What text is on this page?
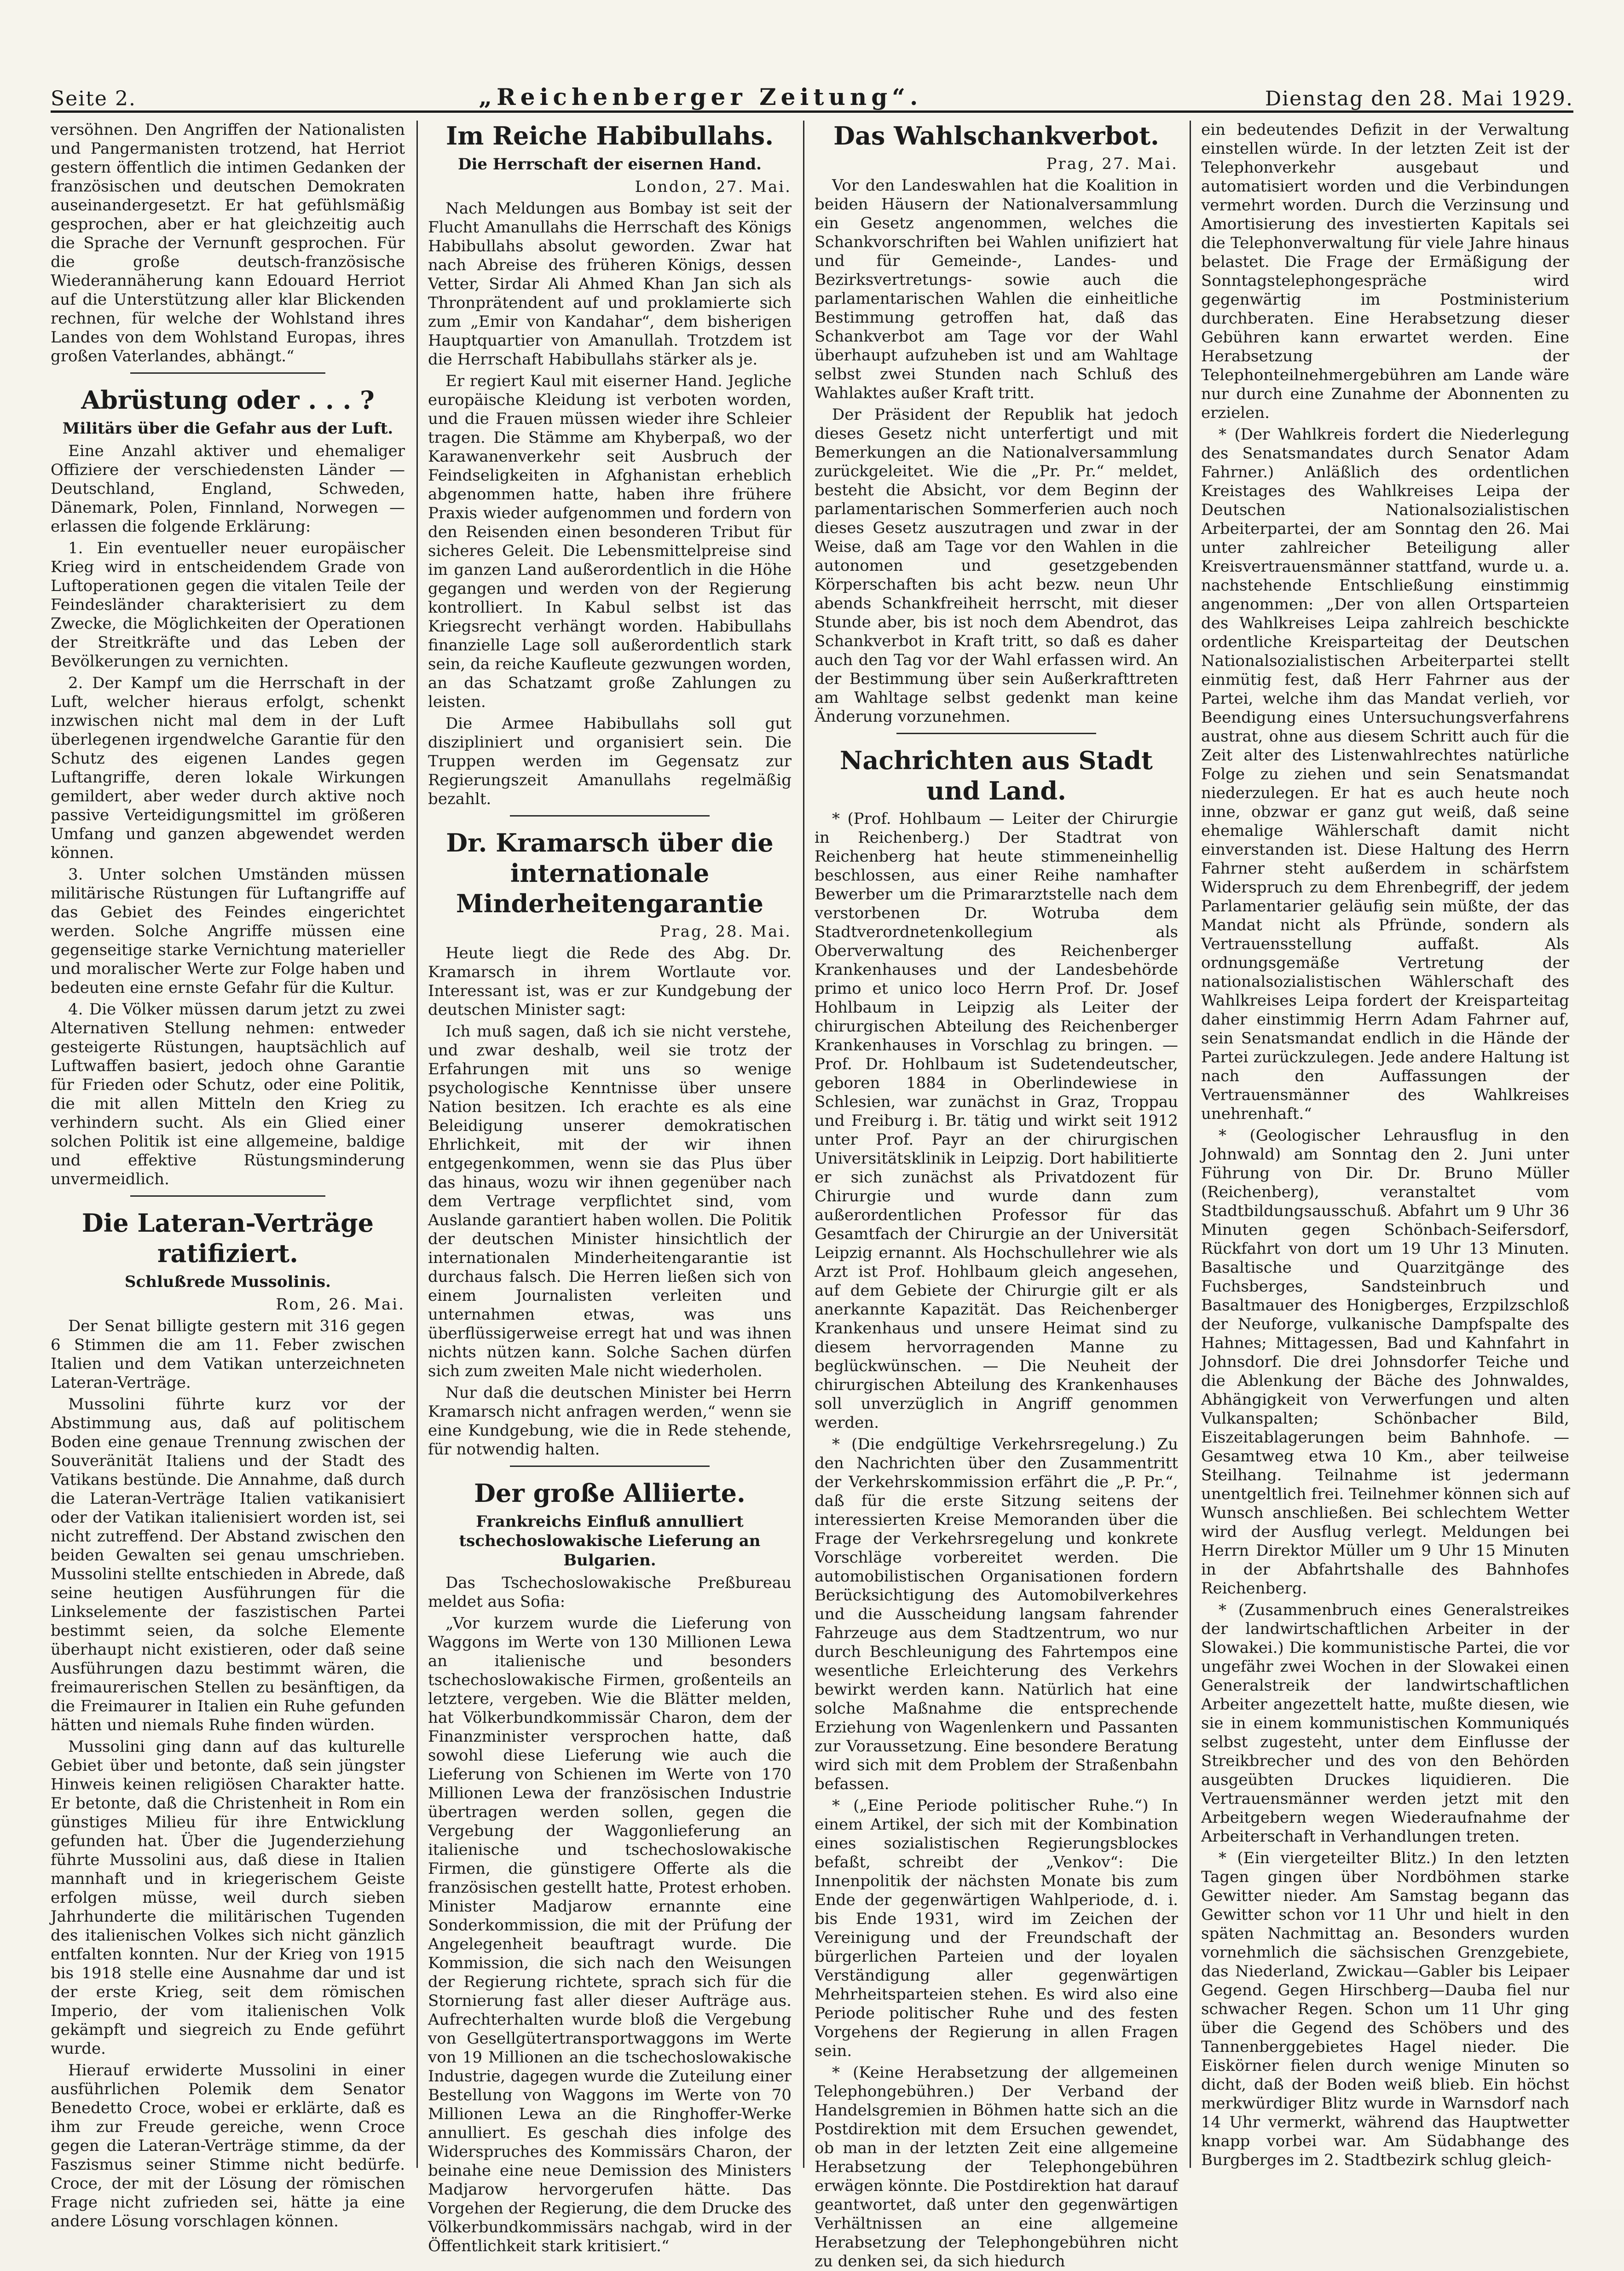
Seite 2.	„Reichenberger Zeitung“.	Dienstag den 28. Mai 1929.

versöhnen. Den Angriffen der Nationalisten und Pangermanisten trotzend, hat Herriot gestern öffentlich die intimen Gedanken der französischen und deutschen Demokraten auseinandergesetzt. Er hat gefühlsmäßig gesprochen, aber er hat gleichzeitig auch die Sprache der Vernunft gesprochen. Für die große deutsch-französische Wiederannäherung kann Edouard Herriot auf die Unterstützung aller klar Blickenden rechnen, für welche der Wohlstand ihres Landes von dem Wohlstand Europas, ihres großen Vaterlandes, abhängt.“

Abrüstung oder . . . ?
Militärs über die Gefahr aus der Luft.

Eine Anzahl aktiver und ehemaliger Offiziere der verschiedensten Länder — Deutschland, England, Schweden, Dänemark, Polen, Finnland, Norwegen — erlassen die folgende Erklärung:

1. Ein eventueller neuer europäischer Krieg wird in entscheidendem Grade von Luftoperationen gegen die vitalen Teile der Feindesländer charakterisiert zu dem Zwecke, die Möglichkeiten der Operationen der Streitkräfte und das Leben der Bevölkerungen zu vernichten.

2. Der Kampf um die Herrschaft in der Luft, welcher hieraus erfolgt, schenkt inzwischen nicht mal dem in der Luft überlegenen irgendwelche Garantie für den Schutz des eigenen Landes gegen Luftangriffe, deren lokale Wirkungen gemildert, aber weder durch aktive noch passive Verteidigungsmittel im größeren Umfang und ganzen abgewendet werden können.

3. Unter solchen Umständen müssen militärische Rüstungen für Luftangriffe auf das Gebiet des Feindes eingerichtet werden. Solche Angriffe müssen eine gegenseitige starke Vernichtung materieller und moralischer Werte zur Folge haben und bedeuten eine ernste Gefahr für die Kultur.

4. Die Völker müssen darum jetzt zu zwei Alternativen Stellung nehmen: entweder gesteigerte Rüstungen, hauptsächlich auf Luftwaffen basiert, jedoch ohne Garantie für Frieden oder Schutz, oder eine Politik, die mit allen Mitteln den Krieg zu verhindern sucht. Als ein Glied einer solchen Politik ist eine allgemeine, baldige und effektive Rüstungsminderung unvermeidlich.

Die Lateran-Verträge ratifiziert.
Schlußrede Mussolinis.
Rom, 26. Mai.

Der Senat billigte gestern mit 316 gegen 6 Stimmen die am 11. Feber zwischen Italien und dem Vatikan unterzeichneten Lateran-Verträge.

Mussolini führte kurz vor der Abstimmung aus, daß auf politischem Boden eine genaue Trennung zwischen der Souveränität Italiens und der Stadt des Vatikans bestünde. Die Annahme, daß durch die Lateran-Verträge Italien vatikanisiert oder der Vatikan italienisiert worden ist, sei nicht zutreffend. Der Abstand zwischen den beiden Gewalten sei genau umschrieben. Mussolini stellte entschieden in Abrede, daß seine heutigen Ausführungen für die Linkselemente der faszistischen Partei bestimmt seien, da solche Elemente überhaupt nicht existieren, oder daß seine Ausführungen dazu bestimmt wären, die freimaurerischen Stellen zu besänftigen, da die Freimaurer in Italien ein Ruhe gefunden hätten und niemals Ruhe finden würden.

Mussolini ging dann auf das kulturelle Gebiet über und betonte, daß sein jüngster Hinweis keinen religiösen Charakter hatte. Er betonte, daß die Christenheit in Rom ein günstiges Milieu für ihre Entwicklung gefunden hat. Über die Jugenderziehung führte Mussolini aus, daß diese in Italien mannhaft und in kriegerischem Geiste erfolgen müsse, weil durch sieben Jahrhunderte die militärischen Tugenden des italienischen Volkes sich nicht gänzlich entfalten konnten. Nur der Krieg von 1915 bis 1918 stelle eine Ausnahme dar und ist der erste Krieg, seit dem römischen Imperio, der vom italienischen Volk gekämpft und siegreich zu Ende geführt wurde.

Hierauf erwiderte Mussolini in einer ausführlichen Polemik dem Senator Benedetto Croce, wobei er erklärte, daß es ihm zur Freude gereiche, wenn Croce gegen die Lateran-Verträge stimme, da der Faszismus seiner Stimme nicht bedürfe. Croce, der mit der Lösung der römischen Frage nicht zufrieden sei, hätte ja eine andere Lösung vorschlagen können.

Im Reiche Habibullahs.
Die Herrschaft der eisernen Hand.
London, 27. Mai.

Nach Meldungen aus Bombay ist seit der Flucht Amanullahs die Herrschaft des Königs Habibullahs absolut geworden. Zwar hat nach Abreise des früheren Königs, dessen Vetter, Sirdar Ali Ahmed Khan Jan sich als Thronprätendent auf und proklamierte sich zum „Emir von Kandahar“, dem bisherigen Hauptquartier von Amanullah. Trotzdem ist die Herrschaft Habibullahs stärker als je.

Er regiert Kaul mit eiserner Hand. Jegliche europäische Kleidung ist verboten worden, und die Frauen müssen wieder ihre Schleier tragen. Die Stämme am Khyberpaß, wo der Karawanenverkehr seit Ausbruch der Feindseligkeiten in Afghanistan erheblich abgenommen hatte, haben ihre frühere Praxis wieder aufgenommen und fordern von den Reisenden einen besonderen Tribut für sicheres Geleit. Die Lebensmittelpreise sind im ganzen Land außerordentlich in die Höhe gegangen und werden von der Regierung kontrolliert. In Kabul selbst ist das Kriegsrecht verhängt worden. Habibullahs finanzielle Lage soll außerordentlich stark sein, da reiche Kaufleute gezwungen worden, an das Schatzamt große Zahlungen zu leisten.

Die Armee Habibullahs soll gut diszipliniert und organisiert sein. Die Truppen werden im Gegensatz zur Regierungszeit Amanullahs regelmäßig bezahlt.

Dr. Kramarsch über die internationale Minderheitengarantie
Prag, 28. Mai.

Heute liegt die Rede des Abg. Dr. Kramarsch in ihrem Wortlaute vor. Interessant ist, was er zur Kundgebung der deutschen Minister sagt:

Ich muß sagen, daß ich sie nicht verstehe, und zwar deshalb, weil sie trotz der Erfahrungen mit uns so wenige psychologische Kenntnisse über unsere Nation besitzen. Ich erachte es als eine Beleidigung unserer demokratischen Ehrlichkeit, mit der wir ihnen entgegenkommen, wenn sie das Plus über das hinaus, wozu wir ihnen gegenüber nach dem Vertrage verpflichtet sind, vom Auslande garantiert haben wollen. Die Politik der deutschen Minister hinsichtlich der internationalen Minderheitengarantie ist durchaus falsch. Die Herren ließen sich von einem Journalisten verleiten und unternahmen etwas, was uns überflüssigerweise erregt hat und was ihnen nichts nützen kann. Solche Sachen dürfen sich zum zweiten Male nicht wiederholen.

Nur daß die deutschen Minister bei Herrn Kramarsch nicht anfragen werden,“ wenn sie eine Kundgebung, wie die in Rede stehende, für notwendig halten.

Der große Alliierte.
Frankreichs Einfluß annulliert tschechoslowakische Lieferung an Bulgarien.

Das Tschechoslowakische Preßbureau meldet aus Sofia:

„Vor kurzem wurde die Lieferung von Waggons im Werte von 130 Millionen Lewa an italienische und besonders tschechoslowakische Firmen, großenteils an letztere, vergeben. Wie die Blätter melden, hat Völkerbundkommissär Charon, dem der Finanzminister versprochen hatte, daß sowohl diese Lieferung wie auch die Lieferung von Schienen im Werte von 170 Millionen Lewa der französischen Industrie übertragen werden sollen, gegen die Vergebung der Waggonlieferung an italienische und tschechoslowakische Firmen, die günstigere Offerte als die französischen gestellt hatte, Protest erhoben. Minister Madjarow ernannte eine Sonderkommission, die mit der Prüfung der Angelegenheit beauftragt wurde. Die Kommission, die sich nach den Weisungen der Regierung richtete, sprach sich für die Stornierung fast aller dieser Aufträge aus. Aufrechterhalten wurde bloß die Vergebung von Gesellgütertransportwaggons im Werte von 19 Millionen an die tschechoslowakische Industrie, dagegen wurde die Zuteilung einer Bestellung von Waggons im Werte von 70 Millionen Lewa an die Ringhoffer-Werke annulliert. Es geschah dies infolge des Widerspruches des Kommissärs Charon, der beinahe eine neue Demission des Ministers Madjarow hervorgerufen hätte. Das Vorgehen der Regierung, die dem Drucke des Völkerbundkommissärs nachgab, wird in der Öffentlichkeit stark kritisiert.“

Das Wahlschankverbot.
Prag, 27. Mai.

Vor den Landeswahlen hat die Koalition in beiden Häusern der Nationalversammlung ein Gesetz angenommen, welches die Schankvorschriften bei Wahlen unifiziert hat und für Gemeinde-, Landes- und Bezirksvertretungs- sowie auch die parlamentarischen Wahlen die einheitliche Bestimmung getroffen hat, daß das Schankverbot am Tage vor der Wahl überhaupt aufzuheben ist und am Wahltage selbst zwei Stunden nach Schluß des Wahlaktes außer Kraft tritt.

Der Präsident der Republik hat jedoch dieses Gesetz nicht unterfertigt und mit Bemerkungen an die Nationalversammlung zurückgeleitet. Wie die „Pr. Pr.“ meldet, besteht die Absicht, vor dem Beginn der parlamentarischen Sommerferien auch noch dieses Gesetz auszutragen und zwar in der Weise, daß am Tage vor den Wahlen in die autonomen und gesetzgebenden Körperschaften bis acht bezw. neun Uhr abends Schankfreiheit herrscht, mit dieser Stunde aber, bis ist noch dem Abendrot, das Schankverbot in Kraft tritt, so daß es daher auch den Tag vor der Wahl erfassen wird. An der Bestimmung über sein Außerkrafttreten am Wahltage selbst gedenkt man keine Änderung vorzunehmen.

Nachrichten aus Stadt und Land.

* (Prof. Hohlbaum — Leiter der Chirurgie in Reichenberg.) Der Stadtrat von Reichenberg hat heute stimmeneinhellig beschlossen, aus einer Reihe namhafter Bewerber um die Primararztstelle nach dem verstorbenen Dr. Wotruba dem Stadtverordnetenkollegium als Oberverwaltung des Reichenberger Krankenhauses und der Landesbehörde primo et unico loco Herrn Prof. Dr. Josef Hohlbaum in Leipzig als Leiter der chirurgischen Abteilung des Reichenberger Krankenhauses in Vorschlag zu bringen. — Prof. Dr. Hohlbaum ist Sudetendeutscher, geboren 1884 in Oberlindewiese in Schlesien, war zunächst in Graz, Troppau und Freiburg i. Br. tätig und wirkt seit 1912 unter Prof. Payr an der chirurgischen Universitätsklinik in Leipzig. Dort habilitierte er sich zunächst als Privatdozent für Chirurgie und wurde dann zum außerordentlichen Professor für das Gesamtfach der Chirurgie an der Universität Leipzig ernannt. Als Hochschullehrer wie als Arzt ist Prof. Hohlbaum gleich angesehen, auf dem Gebiete der Chirurgie gilt er als anerkannte Kapazität. Das Reichenberger Krankenhaus und unsere Heimat sind zu diesem hervorragenden Manne zu beglückwünschen. — Die Neuheit der chirurgischen Abteilung des Krankenhauses soll unverzüglich in Angriff genommen werden.

* (Die endgültige Verkehrsregelung.) Zu den Nachrichten über den Zusammentritt der Verkehrskommission erfährt die „P. Pr.“, daß für die erste Sitzung seitens der interessierten Kreise Memoranden über die Frage der Verkehrsregelung und konkrete Vorschläge vorbereitet werden. Die automobilistischen Organisationen fordern Berücksichtigung des Automobilverkehres und die Ausscheidung langsam fahrender Fahrzeuge aus dem Stadtzentrum, wo nur durch Beschleunigung des Fahrtempos eine wesentliche Erleichterung des Verkehrs bewirkt werden kann. Natürlich hat eine solche Maßnahme die entsprechende Erziehung von Wagenlenkern und Passanten zur Voraussetzung. Eine besondere Beratung wird sich mit dem Problem der Straßenbahn befassen.

* („Eine Periode politischer Ruhe.“) In einem Artikel, der sich mit der Kombination eines sozialistischen Regierungsblockes befaßt, schreibt der „Venkov“: Die Innenpolitik der nächsten Monate bis zum Ende der gegenwärtigen Wahlperiode, d. i. bis Ende 1931, wird im Zeichen der Vereinigung und der Freundschaft der bürgerlichen Parteien und der loyalen Verständigung aller gegenwärtigen Mehrheitsparteien stehen. Es wird also eine Periode politischer Ruhe und des festen Vorgehens der Regierung in allen Fragen sein.

* (Keine Herabsetzung der allgemeinen Telephongebühren.) Der Verband der Handelsgremien in Böhmen hatte sich an die Postdirektion mit dem Ersuchen gewendet, ob man in der letzten Zeit eine allgemeine Herabsetzung der Telephongebühren erwägen könnte. Die Postdirektion hat darauf geantwortet, daß unter den gegenwärtigen Verhältnissen an eine allgemeine Herabsetzung der Telephongebühren nicht zu denken sei, da sich hiedurch

ein bedeutendes Defizit in der Verwaltung einstellen würde. In der letzten Zeit ist der Telephonverkehr ausgebaut und automatisiert worden und die Verbindungen vermehrt worden. Durch die Verzinsung und Amortisierung des investierten Kapitals sei die Telephonverwaltung für viele Jahre hinaus belastet. Die Frage der Ermäßigung der Sonntagstelephongespräche wird gegenwärtig im Postministerium durchberaten. Eine Herabsetzung dieser Gebühren kann erwartet werden. Eine Herabsetzung der Telephonteilnehmergebühren am Lande wäre nur durch eine Zunahme der Abonnenten zu erzielen.

* (Der Wahlkreis fordert die Niederlegung des Senatsmandates durch Senator Adam Fahrner.) Anläßlich des ordentlichen Kreistages des Wahlkreises Leipa der Deutschen Nationalsozialistischen Arbeiterpartei, der am Sonntag den 26. Mai unter zahlreicher Beteiligung aller Kreisvertrauensmänner stattfand, wurde u. a. nachstehende Entschließung einstimmig angenommen: „Der von allen Ortsparteien des Wahlkreises Leipa zahlreich beschickte ordentliche Kreisparteitag der Deutschen Nationalsozialistischen Arbeiterpartei stellt einmütig fest, daß Herr Fahrner aus der Partei, welche ihm das Mandat verlieh, vor Beendigung eines Untersuchungsverfahrens austrat, ohne aus diesem Schritt auch für die Zeit alter des Listenwahlrechtes natürliche Folge zu ziehen und sein Senatsmandat niederzulegen. Er hat es auch heute noch inne, obzwar er ganz gut weiß, daß seine ehemalige Wählerschaft damit nicht einverstanden ist. Diese Haltung des Herrn Fahrner steht außerdem in schärfstem Widerspruch zu dem Ehrenbegriff, der jedem Parlamentarier geläufig sein müßte, der das Mandat nicht als Pfründe, sondern als Vertrauensstellung auffaßt. Als ordnungsgemäße Vertretung der nationalsozialistischen Wählerschaft des Wahlkreises Leipa fordert der Kreisparteitag daher einstimmig Herrn Adam Fahrner auf, sein Senatsmandat endlich in die Hände der Partei zurückzulegen. Jede andere Haltung ist nach den Auffassungen der Vertrauensmänner des Wahlkreises unehrenhaft.“

* (Geologischer Lehrausflug in den Johnwald) am Sonntag den 2. Juni unter Führung von Dir. Dr. Bruno Müller (Reichenberg), veranstaltet vom Stadtbildungsausschuß. Abfahrt um 9 Uhr 36 Minuten gegen Schönbach-Seifersdorf, Rückfahrt von dort um 19 Uhr 13 Minuten. Basaltische und Quarzitgänge des Fuchsberges, Sandsteinbruch und Basaltmauer des Honigberges, Erzpilzschloß der Neuforge, vulkanische Dampfspalte des Hahnes; Mittagessen, Bad und Kahnfahrt in Johnsdorf. Die drei Johnsdorfer Teiche und die Ablenkung der Bäche des Johnwaldes, Abhängigkeit von Verwerfungen und alten Vulkanspalten; Schönbacher Bild, Eiszeitablagerungen beim Bahnhofe. — Gesamtweg etwa 10 Km., aber teilweise Steilhang. Teilnahme ist jedermann unentgeltlich frei. Teilnehmer können sich auf Wunsch anschließen. Bei schlechtem Wetter wird der Ausflug verlegt. Meldungen bei Herrn Direktor Müller um 9 Uhr 15 Minuten in der Abfahrtshalle des Bahnhofes Reichenberg.

* (Zusammenbruch eines Generalstreikes der landwirtschaftlichen Arbeiter in der Slowakei.) Die kommunistische Partei, die vor ungefähr zwei Wochen in der Slowakei einen Generalstreik der landwirtschaftlichen Arbeiter angezettelt hatte, mußte diesen, wie sie in einem kommunistischen Kommuniqués selbst zugesteht, unter dem Einflusse der Streikbrecher und des von den Behörden ausgeübten Druckes liquidieren. Die Vertrauensmänner werden jetzt mit den Arbeitgebern wegen Wiederaufnahme der Arbeiterschaft in Verhandlungen treten.

* (Ein viergeteilter Blitz.) In den letzten Tagen gingen über Nordböhmen starke Gewitter nieder. Am Samstag begann das Gewitter schon vor 11 Uhr und hielt in den späten Nachmittag an. Besonders wurden vornehmlich die sächsischen Grenzgebiete, das Niederland, Zwickau—Gabler bis Leipaer Gegend. Gegen Hirschberg—Dauba fiel nur schwacher Regen. Schon um 11 Uhr ging über die Gegend des Schöbers und des Tannenberggebietes Hagel nieder. Die Eiskörner fielen durch wenige Minuten so dicht, daß der Boden weiß blieb. Ein höchst merkwürdiger Blitz wurde in Warnsdorf nach 14 Uhr vermerkt, während das Hauptwetter knapp vorbei war. Am Südabhange des Burgberges im 2. Stadtbezirk schlug gleich-
